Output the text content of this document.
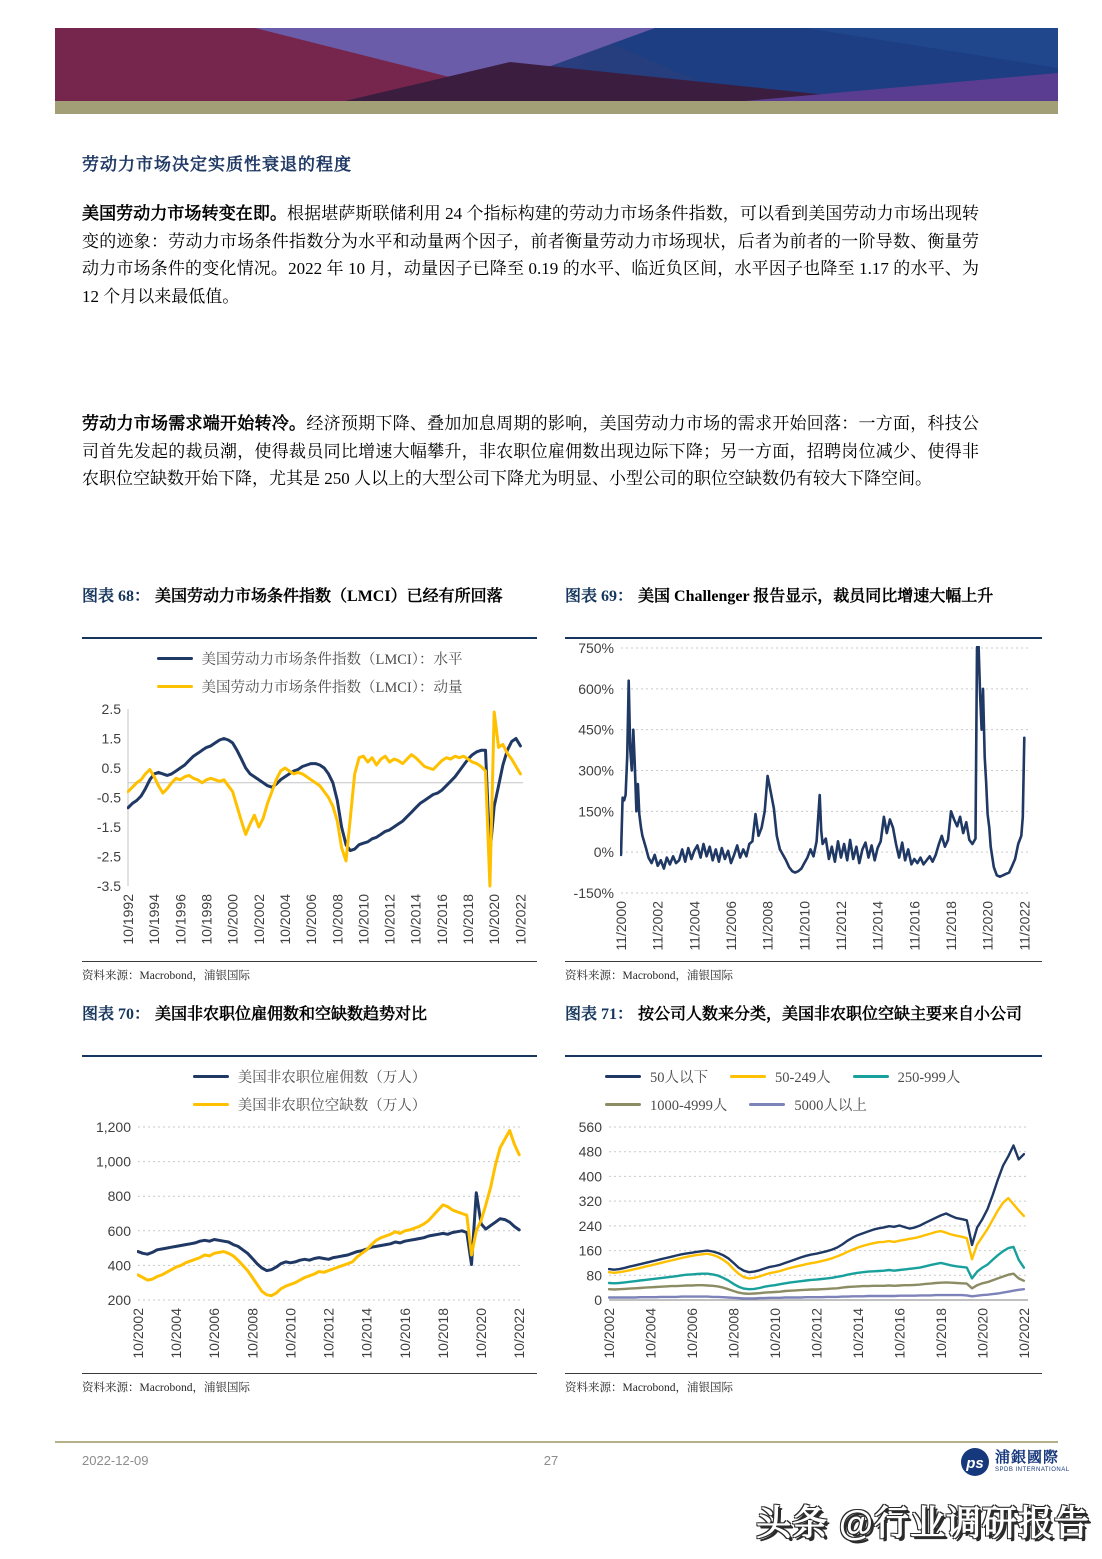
劳动力市场决定实质性衰退的程度

美国劳动力市场转变在即。根据堪萨斯联储利用 24 个指标构建的劳动力市场条件指数，可以看到美国劳动力市场出现转变的迹象：劳动力市场条件指数分为水平和动量两个因子，前者衡量劳动力市场现状，后者为前者的一阶导数、衡量劳动力市场条件的变化情况。2022 年 10 月，动量因子已降至 0.19 的水平、临近负区间，水平因子也降至 1.17 的水平、为 12 个月以来最低值。

劳动力市场需求端开始转冷。经济预期下降、叠加加息周期的影响，美国劳动力市场的需求开始回落：一方面，科技公司首先发起的裁员潮，使得裁员同比增速大幅攀升，非农职位雇佣数出现边际下降；另一方面，招聘岗位减少、使得非农职位空缺数开始下降，尤其是 250 人以上的大型公司下降尤为明显、小型公司的职位空缺数仍有较大下降空间。

图表 68： 美国劳动力市场条件指数（LMCI）已经有所回落
美国劳动力市场条件指数（LMCI）：水平
美国劳动力市场条件指数（LMCI）：动量
2.5
1.5
0.5
-0.5
-1.5
-2.5
-3.5
10/1992 10/1994 10/1996 10/1998 10/2000 10/2002 10/2004 10/2006 10/2008 10/2010 10/2012 10/2014 10/2016 10/2018 10/2020 10/2022
资料来源：Macrobond，浦银国际
图表 69： 美国 Challenger 报告显示，裁员同比增速大幅上升
750%
600%
450%
300%
150%
0%
-150%
11/2000 11/2002 11/2004 11/2006 11/2008 11/2010 11/2012 11/2014 11/2016 11/2018 11/2020 11/2022
资料来源：Macrobond，浦银国际
图表 70： 美国非农职位雇佣数和空缺数趋势对比
美国非农职位雇佣数（万人）
美国非农职位空缺数（万人）
1,200
1,000
800
600
400
200
10/2002 10/2004 10/2006 10/2008 10/2010 10/2012 10/2014 10/2016 10/2018 10/2020 10/2022
资料来源：Macrobond，浦银国际
图表 71： 按公司人数来分类，美国非农职位空缺主要来自小公司
50人以下	50-249人	250-999人
1000-4999人	5000人以上
560
480
400
320
240
160
80
0
10/2002 10/2004 10/2006 10/2008 10/2010 10/2012 10/2014 10/2016 10/2018 10/2020 10/2022
资料来源：Macrobond，浦银国际
2022-12-09	27	ps 浦銀國際
SPDB INTERNATIONAL
头条 @行业调研报告
